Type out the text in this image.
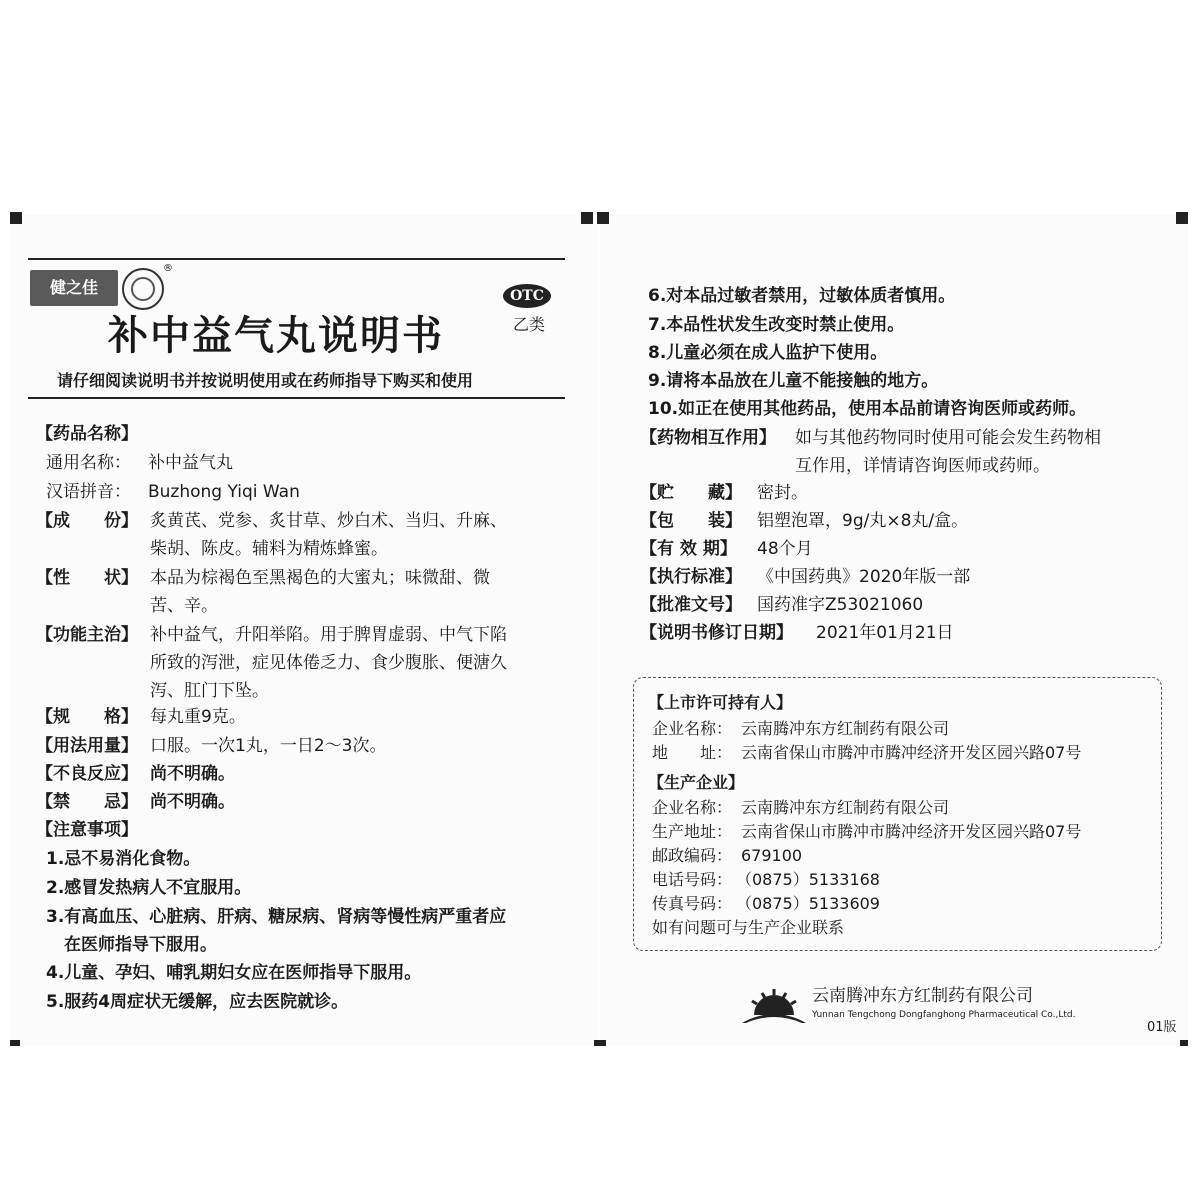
健之佳
®
OTC
乙类
补中益气丸说明书
请仔细阅读说明书并按说明使用或在药师指导下购买和使用
【药品名称】
通用名称： 补中益气丸
汉语拼音： Buzhong Yiqi Wan
【成　　份】 炙黄芪、党参、炙甘草、炒白术、当归、升麻、
柴胡、陈皮。辅料为精炼蜂蜜。
【性　　状】 本品为棕褐色至黑褐色的大蜜丸；味微甜、微
苦、辛。
【功能主治】 补中益气，升阳举陷。用于脾胃虚弱、中气下陷
所致的泻泄，症见体倦乏力、食少腹胀、便溏久
泻、肛门下坠。
【规　　格】 每丸重9克。
【用法用量】 口服。一次1丸，一日2～3次。
【不良反应】 尚不明确。
【禁　　忌】 尚不明确。
【注意事项】
1.忌不易消化食物。
2.感冒发热病人不宜服用。
3.有高血压、心脏病、肝病、糖尿病、肾病等慢性病严重者应
在医师指导下服用。
4.儿童、孕妇、哺乳期妇女应在医师指导下服用。
5.服药4周症状无缓解，应去医院就诊。
6.对本品过敏者禁用，过敏体质者慎用。
7.本品性状发生改变时禁止使用。
8.儿童必须在成人监护下使用。
9.请将本品放在儿童不能接触的地方。
10.如正在使用其他药品，使用本品前请咨询医师或药师。
【药物相互作用】 如与其他药物同时使用可能会发生药物相
互作用，详情请咨询医师或药师。
【贮　　藏】 密封。
【包　　装】 铝塑泡罩，9g/丸×8丸/盒。
【有 效 期】 48个月
【执行标准】 《中国药典》2020年版一部
【批准文号】 国药准字Z53021060
【说明书修订日期】 2021年01月21日
【上市许可持有人】
企业名称： 云南腾冲东方红制药有限公司
地　　址： 云南省保山市腾冲市腾冲经济开发区园兴路07号
【生产企业】
企业名称： 云南腾冲东方红制药有限公司
生产地址： 云南省保山市腾冲市腾冲经济开发区园兴路07号
邮政编码： 679100
电话号码： （0875）5133168
传真号码： （0875）5133609
如有问题可与生产企业联系
云南腾冲东方红制药有限公司
Yunnan Tengchong Dongfanghong Pharmaceutical Co.,Ltd.
01版
